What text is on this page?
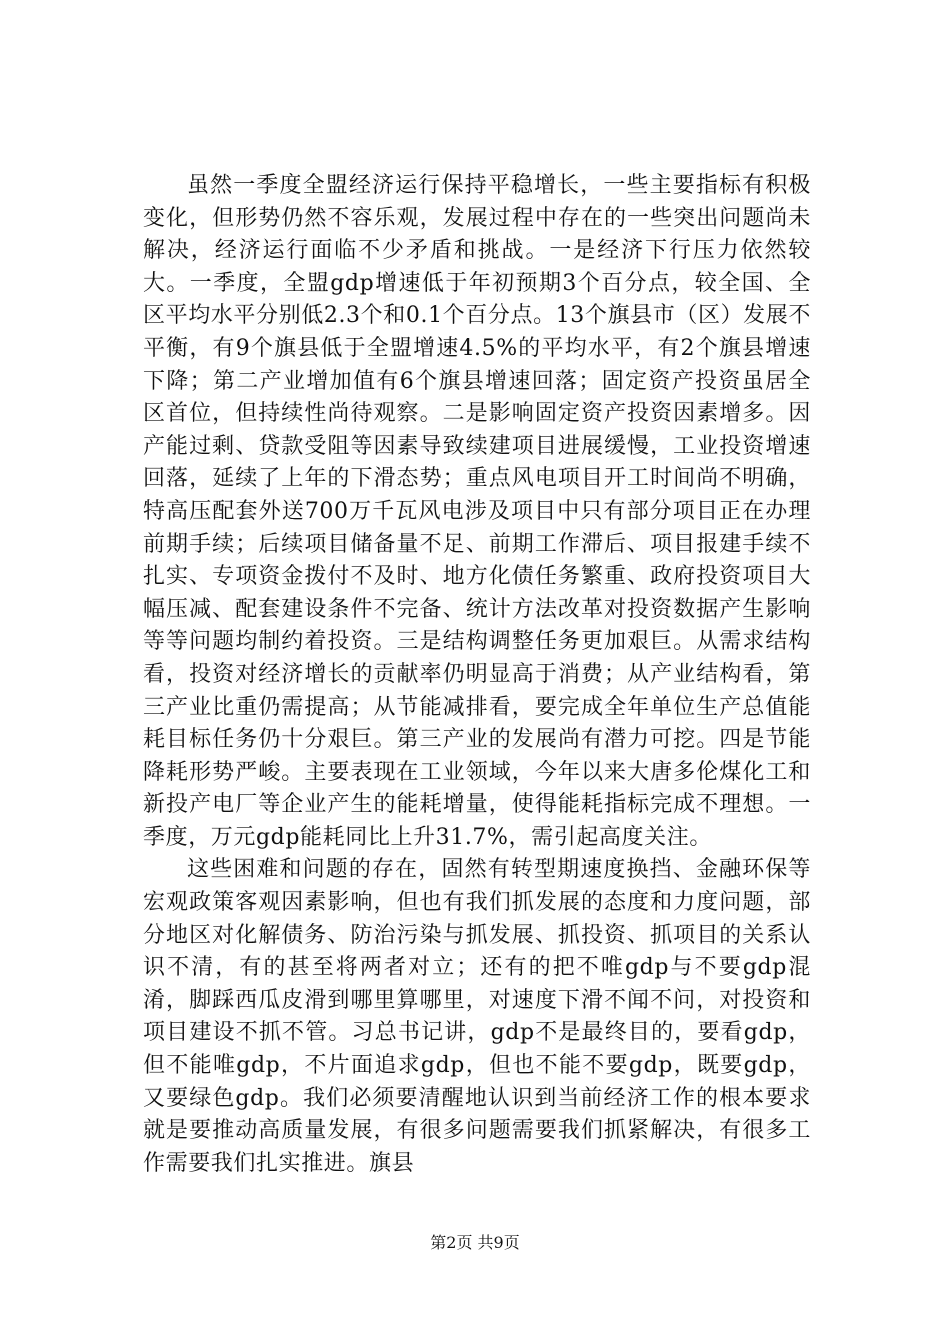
虽然一季度全盟经济运行保持平稳增长，一些主要指标有积极变化，但形势仍然不容乐观，发展过程中存在的一些突出问题尚未解决，经济运行面临不少矛盾和挑战。一是经济下行压力依然较大。一季度，全盟gdp增速低于年初预期3个百分点，较全国、全区平均水平分别低2.3个和0.1个百分点。13个旗县市（区）发展不平衡，有9个旗县低于全盟增速4.5%的平均水平，有2个旗县增速下降；第二产业增加值有6个旗县增速回落；固定资产投资虽居全区首位，但持续性尚待观察。二是影响固定资产投资因素增多。因产能过剩、贷款受阻等因素导致续建项目进展缓慢，工业投资增速回落，延续了上年的下滑态势；重点风电项目开工时间尚不明确，特高压配套外送700万千瓦风电涉及项目中只有部分项目正在办理前期手续；后续项目储备量不足、前期工作滞后、项目报建手续不扎实、专项资金拨付不及时、地方化债任务繁重、政府投资项目大幅压减、配套建设条件不完备、统计方法改革对投资数据产生影响等等问题均制约着投资。三是结构调整任务更加艰巨。从需求结构看，投资对经济增长的贡献率仍明显高于消费；从产业结构看，第三产业比重仍需提高；从节能减排看，要完成全年单位生产总值能耗目标任务仍十分艰巨。第三产业的发展尚有潜力可挖。四是节能降耗形势严峻。主要表现在工业领域，今年以来大唐多伦煤化工和新投产电厂等企业产生的能耗增量，使得能耗指标完成不理想。一季度，万元gdp能耗同比上升31.7%，需引起高度关注。

这些困难和问题的存在，固然有转型期速度换挡、金融环保等宏观政策客观因素影响，但也有我们抓发展的态度和力度问题，部分地区对化解债务、防治污染与抓发展、抓投资、抓项目的关系认识不清，有的甚至将两者对立；还有的把不唯gdp与不要gdp混淆，脚踩西瓜皮滑到哪里算哪里，对速度下滑不闻不问，对投资和项目建设不抓不管。习总书记讲，gdp不是最终目的，要看gdp，但不能唯gdp，不片面追求gdp，但也不能不要gdp，既要gdp，又要绿色gdp。我们必须要清醒地认识到当前经济工作的根本要求就是要推动高质量发展，有很多问题需要我们抓紧解决，有很多工作需要我们扎实推进。旗县

第2页 共9页
